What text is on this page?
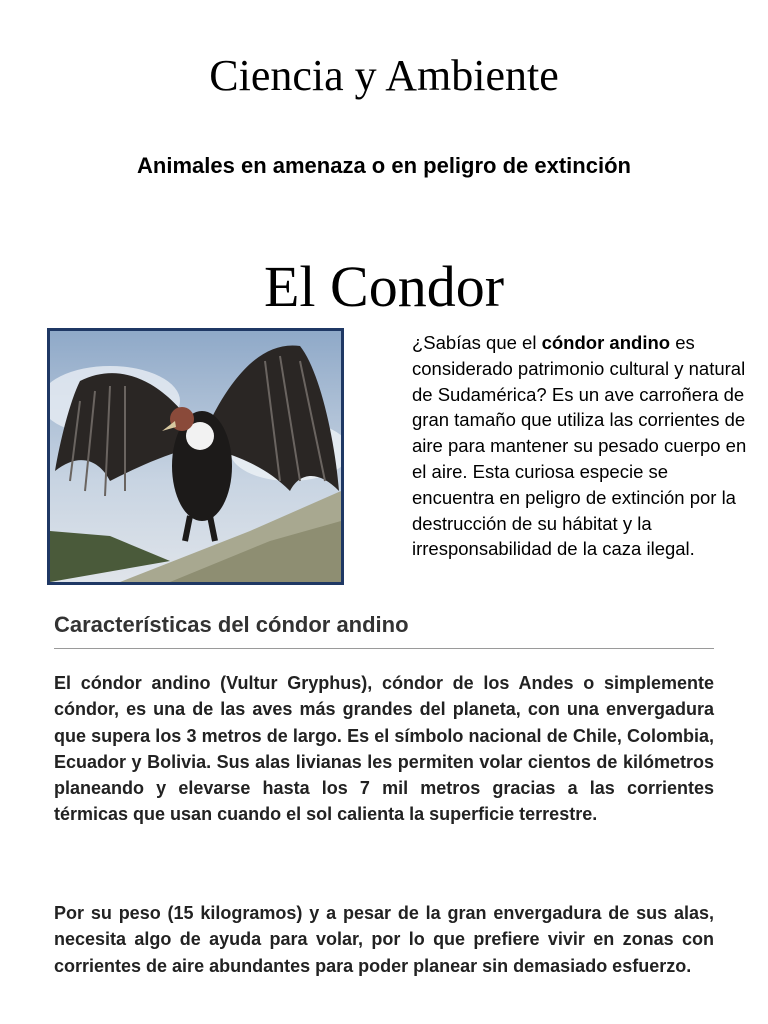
Ciencia y Ambiente
Animales en amenaza o en peligro de extinción
El Condor
¿Sabías que el cóndor andino es considerado patrimonio cultural y natural de Sudamérica? Es un ave carroñera de gran tamaño que utiliza las corrientes de aire para mantener su pesado cuerpo en el aire. Esta curiosa especie se encuentra en peligro de extinción por la destrucción de su hábitat y la irresponsabilidad de la caza ilegal.
Características del cóndor andino
El cóndor andino (Vultur Gryphus), cóndor de los Andes o simplemente cóndor, es una de las aves más grandes del planeta, con una envergadura que supera los 3 metros de largo. Es el símbolo nacional de Chile, Colombia, Ecuador y Bolivia. Sus alas livianas les permiten volar cientos de kilómetros planeando y elevarse hasta los 7 mil metros gracias a las corrientes térmicas que usan cuando el sol calienta la superficie terrestre.
Por su peso (15 kilogramos) y a pesar de la gran envergadura de sus alas, necesita algo de ayuda para volar, por lo que prefiere vivir en zonas con corrientes de aire abundantes para poder planear sin demasiado esfuerzo.
